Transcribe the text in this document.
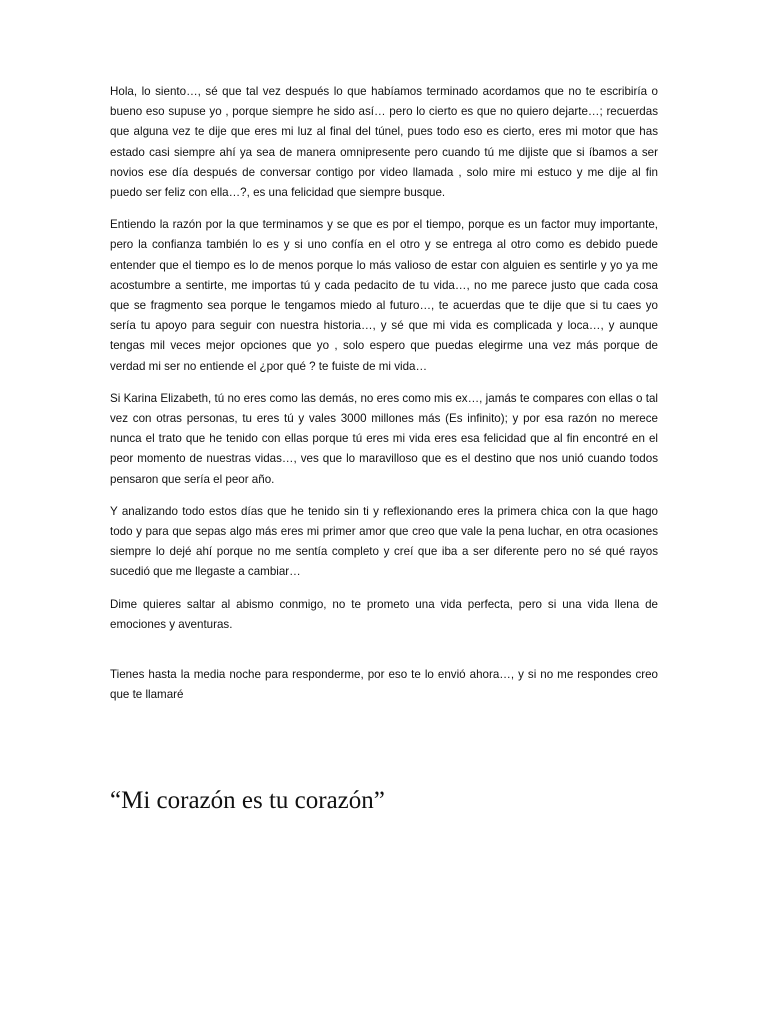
Hola, lo siento…, sé que tal vez después lo que habíamos terminado acordamos que no te escribiría o bueno eso supuse yo , porque siempre he sido así… pero lo cierto es que no quiero dejarte…; recuerdas que alguna vez te dije que eres mi luz al final del túnel, pues todo eso es cierto, eres mi motor que has estado casi siempre ahí ya sea de manera omnipresente pero cuando tú me dijiste que si íbamos a ser novios ese día después de conversar contigo por video llamada , solo mire mi estuco y me dije al fin puedo ser feliz con ella…?, es una felicidad que siempre busque.

Entiendo la razón por la que terminamos y se que es por el tiempo, porque es un factor muy importante, pero la confianza también lo es y si uno confía en el otro y se entrega al otro como es debido puede entender que el tiempo es lo de menos porque lo más valioso de estar con alguien es sentirle y yo ya me acostumbre a sentirte, me importas tú y cada pedacito de tu vida…, no me parece justo que cada cosa que se fragmento sea porque le tengamos miedo al futuro…, te acuerdas que te dije que si tu caes yo sería tu apoyo para seguir con nuestra historia…, y sé que mi vida es complicada y loca…, y aunque tengas mil veces mejor opciones que yo , solo espero que puedas elegirme una vez más porque de verdad mi ser no entiende el ¿por qué ? te fuiste de mi vida…

Si Karina Elizabeth, tú no eres como las demás, no eres como mis ex…, jamás te compares con ellas o tal vez con otras personas, tu eres tú y vales 3000 millones más (Es infinito); y por esa razón no merece nunca el trato que he tenido con ellas porque tú eres mi vida eres esa felicidad que al fin encontré en el peor momento de nuestras vidas…, ves que lo maravilloso que es el destino que nos unió cuando todos pensaron que sería el peor año.

Y analizando todo estos días que he tenido sin ti y reflexionando eres la primera chica con la que hago todo y para que sepas algo más eres mi primer amor que creo que vale la pena luchar, en otra ocasiones siempre lo dejé ahí porque no me sentía completo y creí que iba a ser diferente pero no sé qué rayos sucedió que me llegaste a cambiar…

Dime quieres saltar al abismo conmigo, no te prometo una vida perfecta, pero si una vida llena de emociones y aventuras.

Tienes hasta la media noche para responderme, por eso te lo envió ahora…, y si no me respondes creo que te llamaré

“Mi corazón es tu corazón”
